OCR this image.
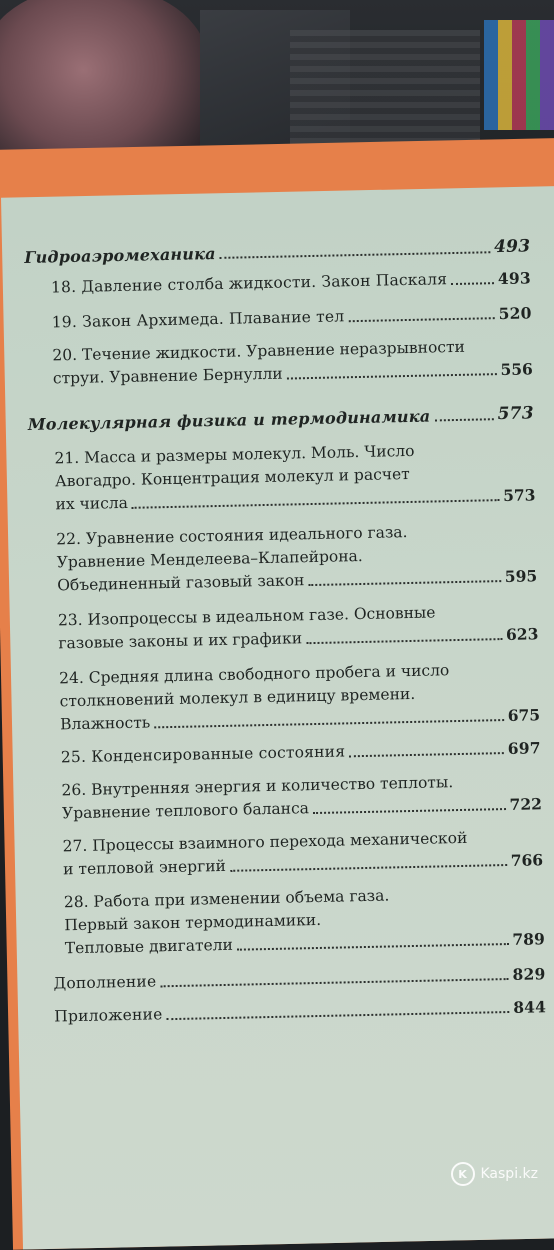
Гидроаэромеханика	493
18. Давление столба жидкости. Закон Паскаля	493
19. Закон Архимеда. Плавание тел	520
20. Течение жидкости. Уравнение неразрывности
струи. Уравнение Бернулли	556
Молекулярная физика и термодинамика	573
21. Масса и размеры молекул. Моль. Число
Авогадро. Концентрация молекул и расчет
их числа	573
22. Уравнение состояния идеального газа.
Уравнение Менделеева–Клапейрона.
Объединенный газовый закон	595
23. Изопроцессы в идеальном газе. Основные
газовые законы и их графики	623
24. Средняя длина свободного пробега и число
столкновений молекул в единицу времени.
Влажность	675
25. Конденсированные состояния	697
26. Внутренняя энергия и количество теплоты.
Уравнение теплового баланса	722
27. Процессы взаимного перехода механической
и тепловой энергий	766
28. Работа при изменении объема газа.
Первый закон термодинамики.
Тепловые двигатели	789
Дополнение	829
Приложение	844
K Kaspi.kz
